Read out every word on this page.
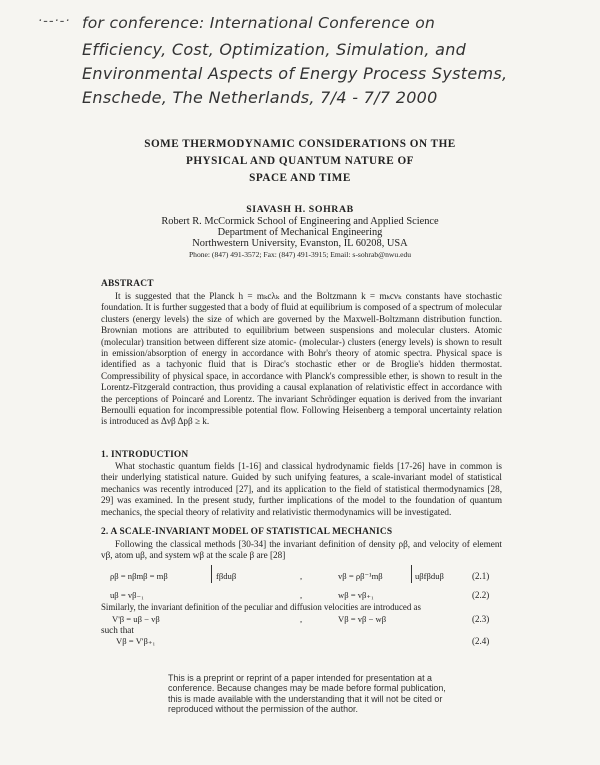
·--·-· for conference: International Conference on
Efficiency, Cost, Optimization, Simulation, and
Environmental Aspects of Energy Process Systems,
Enschede, The Netherlands, 7/4 - 7/7 2000
SOME THERMODYNAMIC CONSIDERATIONS ON THE
PHYSICAL AND QUANTUM NATURE OF
SPACE AND TIME
SIAVASH H. SOHRAB
Robert R. McCormick School of Engineering and Applied Science
Department of Mechanical Engineering
Northwestern University, Evanston, IL 60208, USA
Phone: (847) 491-3572; Fax: (847) 491-3915; Email: s-sohrab@nwu.edu
ABSTRACT
It is suggested that the Planck h = mₖcλₖ and the Boltzmann k = mₖcνₖ constants have stochastic foundation. It is further suggested that a body of fluid at equilibrium is composed of a spectrum of molecular clusters (energy levels) the size of which are governed by the Maxwell-Boltzmann distribution function. Brownian motions are attributed to equilibrium between suspensions and molecular clusters. Atomic (molecular) transition between different size atomic- (molecular-) clusters (energy levels) is shown to result in emission/absorption of energy in accordance with Bohr's theory of atomic spectra. Physical space is identified as a tachyonic fluid that is Dirac's stochastic ether or de Broglie's hidden thermostat. Compressibility of physical space, in accordance with Planck's compressible ether, is shown to result in the Lorentz-Fitzgerald contraction, thus providing a causal explanation of relativistic effect in accordance with the perceptions of Poincaré and Lorentz. The invariant Schrödinger equation is derived from the invariant Bernoulli equation for incompressible potential flow. Following Heisenberg a temporal uncertainty relation is introduced as Δνβ Δpβ ≥ k.
1. INTRODUCTION
What stochastic quantum fields [1-16] and classical hydrodynamic fields [17-26] have in common is their underlying statistical nature. Guided by such unifying features, a scale-invariant model of statistical mechanics was recently introduced [27], and its application to the field of statistical thermodynamics [28, 29] was examined. In the present study, further implications of the model to the foundation of quantum mechanics, the special theory of relativity and relativistic thermodynamics will be investigated.
2. A SCALE-INVARIANT MODEL OF STATISTICAL MECHANICS
Following the classical methods [30-34] the invariant definition of density ρβ, and velocity of element vβ, atom uβ, and system wβ at the scale β are [28]
ρβ = nβmβ = mβ	fβduβ	,	vβ = ρβ⁻¹mβ	uβfβduβ	(2.1)
uβ = vβ₋₁	,	wβ = vβ₊₁	(2.2)
Similarly, the invariant definition of the peculiar and diffusion velocities are introduced as
V'β = uβ − vβ	,	Vβ = vβ − wβ	(2.3)
such that
Vβ = V'β₊₁	(2.4)
This is a preprint or reprint of a paper intended for presentation at a conference. Because changes may be made before formal publication, this is made available with the understanding that it will not be cited or reproduced without the permission of the author.
